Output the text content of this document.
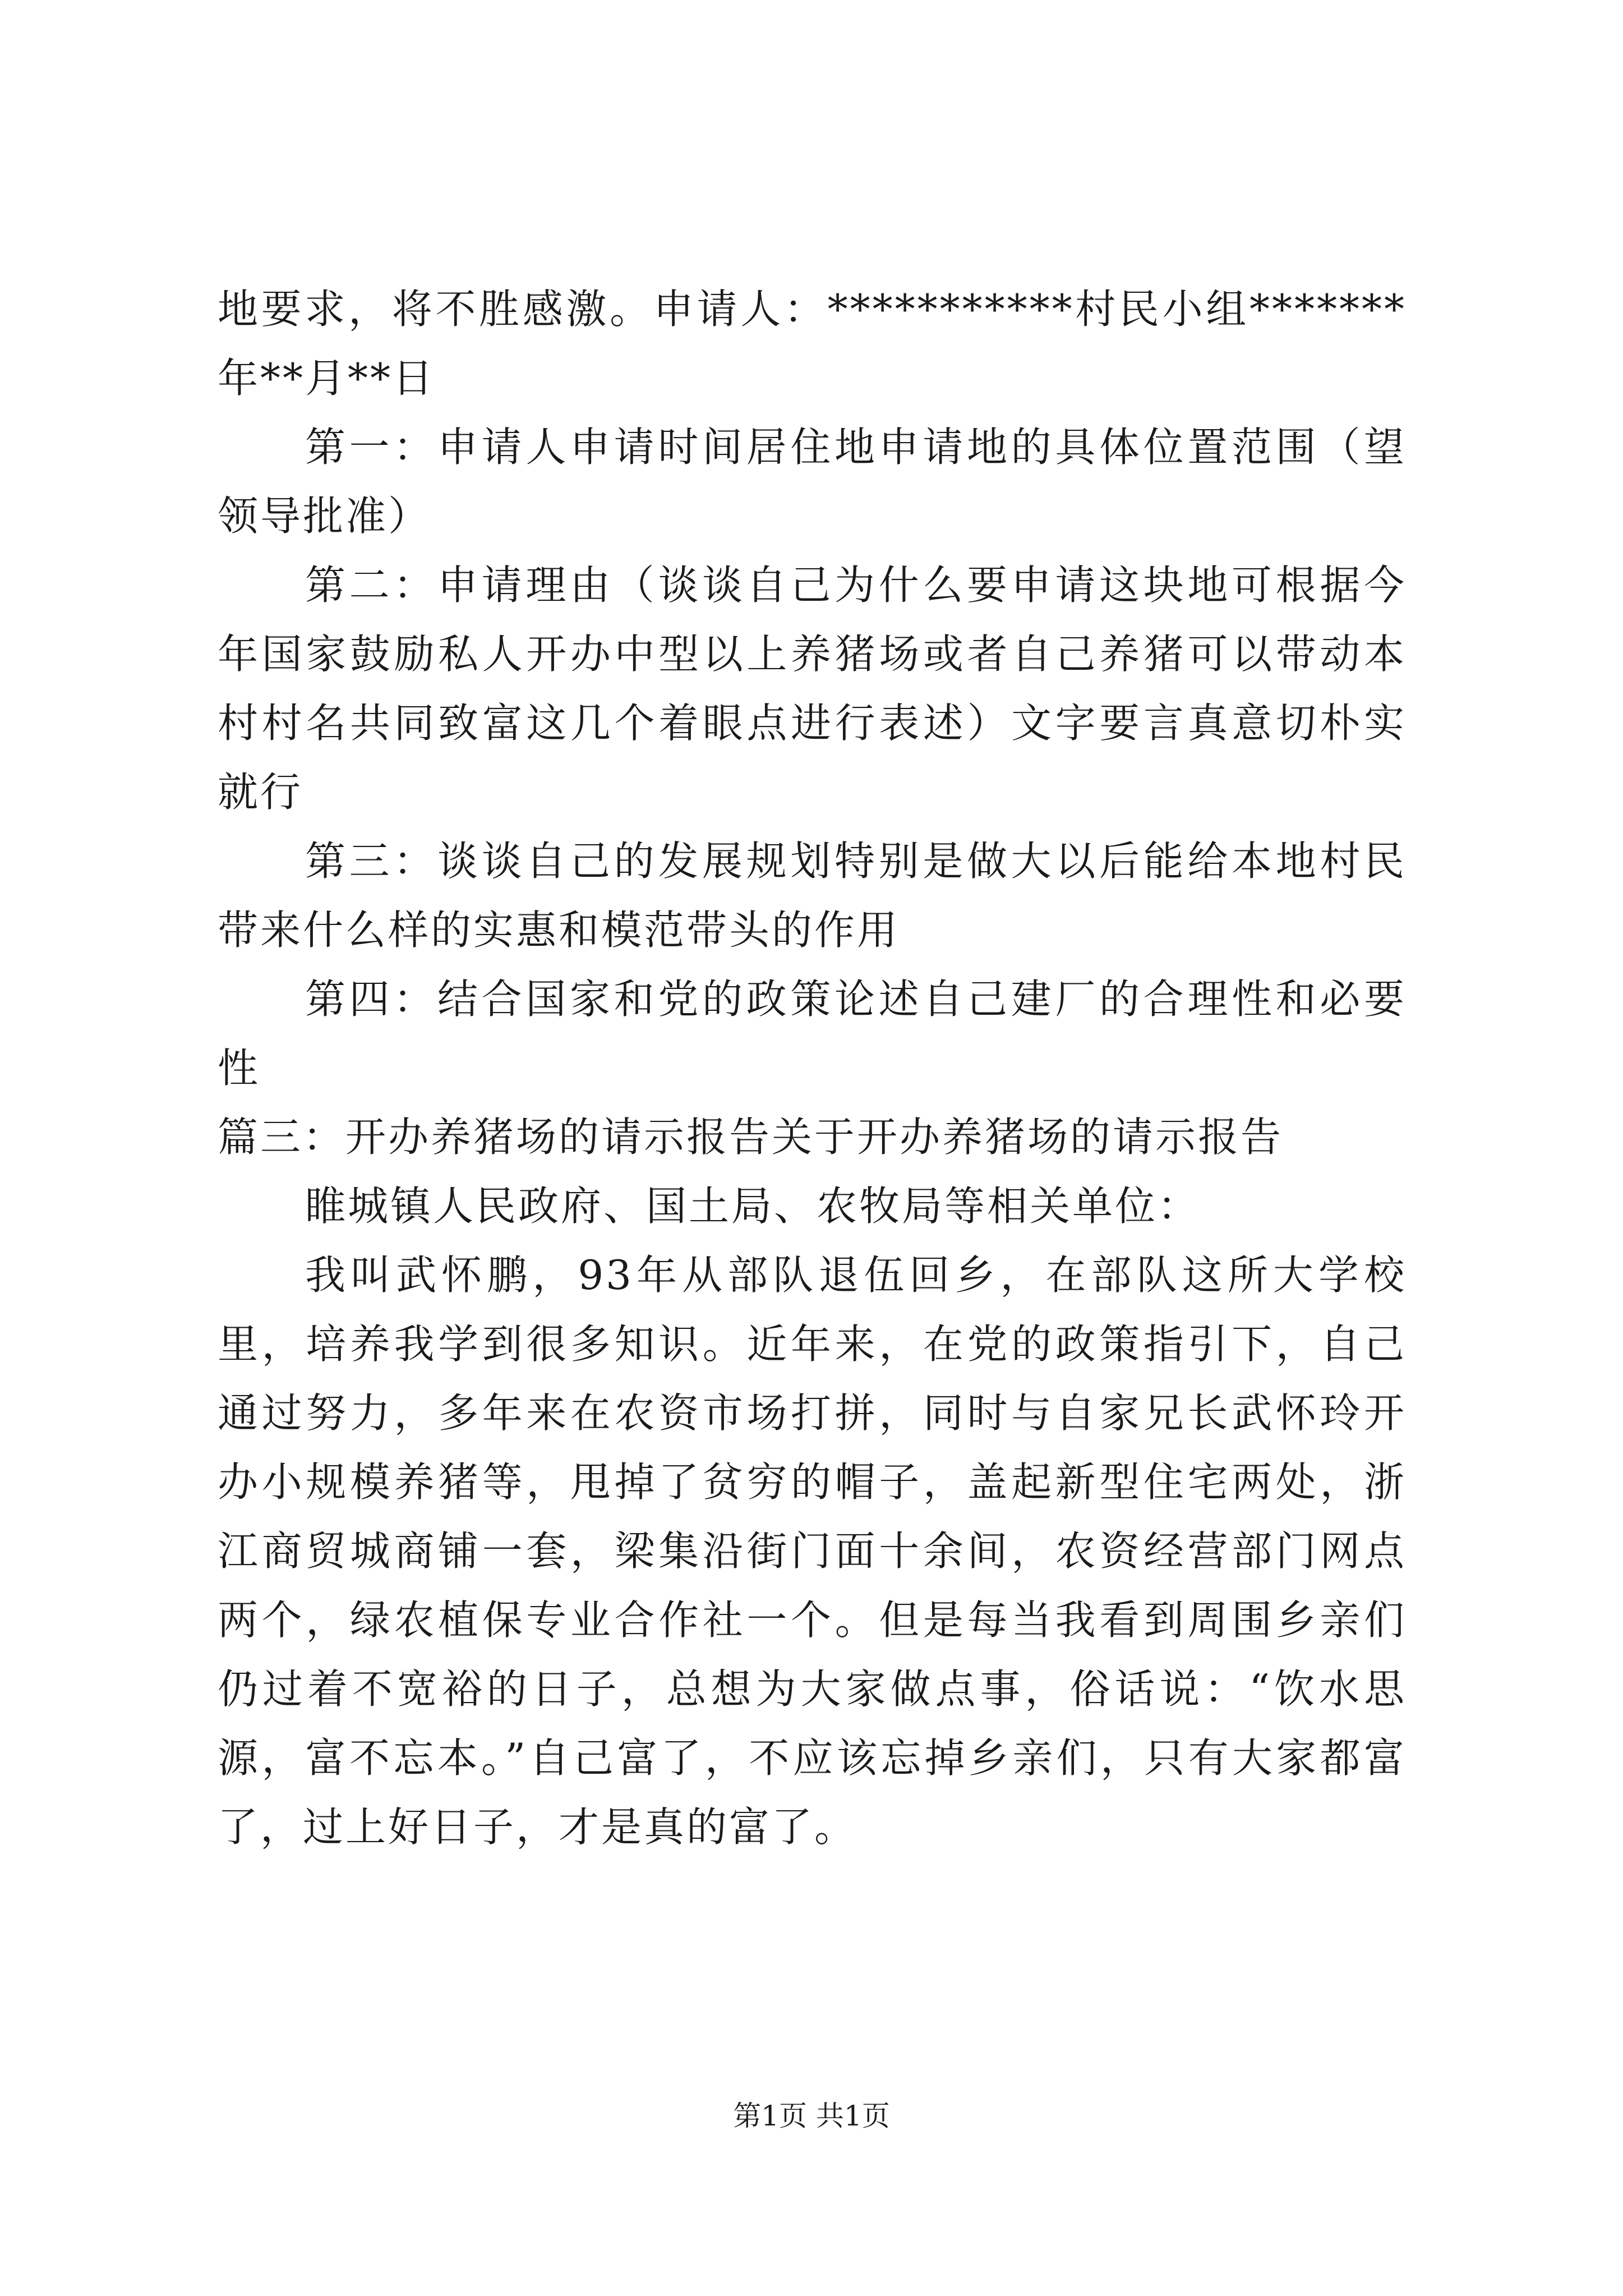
地要求，将不胜感激。申请人：***********村民小组*******年**月**日

第一：申请人申请时间居住地申请地的具体位置范围（望领导批准）

第二：申请理由（谈谈自己为什么要申请这块地可根据今年国家鼓励私人开办中型以上养猪场或者自己养猪可以带动本村村名共同致富这几个着眼点进行表述）文字要言真意切朴实就行

第三：谈谈自己的发展规划特别是做大以后能给本地村民带来什么样的实惠和模范带头的作用

第四：结合国家和党的政策论述自己建厂的合理性和必要性

篇三：开办养猪场的请示报告关于开办养猪场的请示报告

睢城镇人民政府、国土局、农牧局等相关单位：

我叫武怀鹏，93年从部队退伍回乡，在部队这所大学校里，培养我学到很多知识。近年来，在党的政策指引下，自己通过努力，多年来在农资市场打拼，同时与自家兄长武怀玲开办小规模养猪等，甩掉了贫穷的帽子，盖起新型住宅两处，浙江商贸城商铺一套，梁集沿街门面十余间，农资经营部门网点两个，绿农植保专业合作社一个。但是每当我看到周围乡亲们仍过着不宽裕的日子，总想为大家做点事，俗话说：“饮水思源，富不忘本。”自己富了，不应该忘掉乡亲们，只有大家都富了，过上好日子，才是真的富了。

第1页 共1页
